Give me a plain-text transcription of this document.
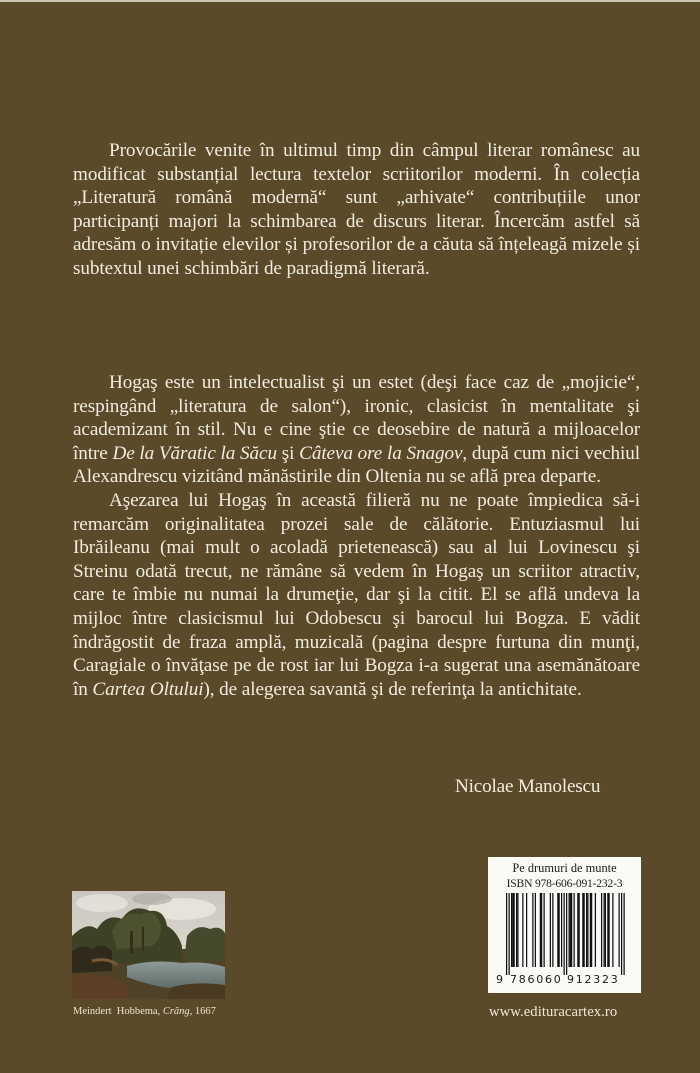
Provocările venite în ultimul timp din câmpul literar românesc au modificat substanțial lectura textelor scriitorilor moderni. În colecția „Literatură română modernă“ sunt „arhivate“ contribuțiile unor participanți majori la schimbarea de discurs literar. Încercăm astfel să adresăm o invitație elevilor și profesorilor de a căuta să înțeleagă mizele și subtextul unei schimbări de paradigmă literară.

Hogaş este un intelectualist şi un estet (deşi face caz de „mojicie“, respingând „literatura de salon“), ironic, clasicist în mentalitate şi academizant în stil. Nu e cine ştie ce deosebire de natură a mijloacelor între De la Văratic la Săcu şi Câteva ore la Snagov, după cum nici vechiul Alexandrescu vizitând mănăstirile din Oltenia nu se află prea departe.

Aşezarea lui Hogaş în această filieră nu ne poate împiedica să-i remarcăm originalitatea prozei sale de călătorie. Entuziasmul lui Ibrăileanu (mai mult o acoladă prietenească) sau al lui Lovinescu şi Streinu odată trecut, ne rămâne să vedem în Hogaş un scriitor atractiv, care te îmbie nu numai la drumeţie, dar şi la citit. El se află undeva la mijloc între clasicismul lui Odobescu şi barocul lui Bogza. E vădit îndrăgostit de fraza amplă, muzicală (pagina despre furtuna din munţi, Caragiale o învăţase pe de rost iar lui Bogza i-a sugerat una asemănătoare în Cartea Oltului), de alegerea savantă şi de referinţa la antichitate.

Nicolae Manolescu
Meindert  Hobbema, Crâng, 1667
Pe drumuri de munte
ISBN 978-606-091-232-3
9 7 8 6 0 6 0 9 1 2 3 2 3
www.edituracartex.ro
